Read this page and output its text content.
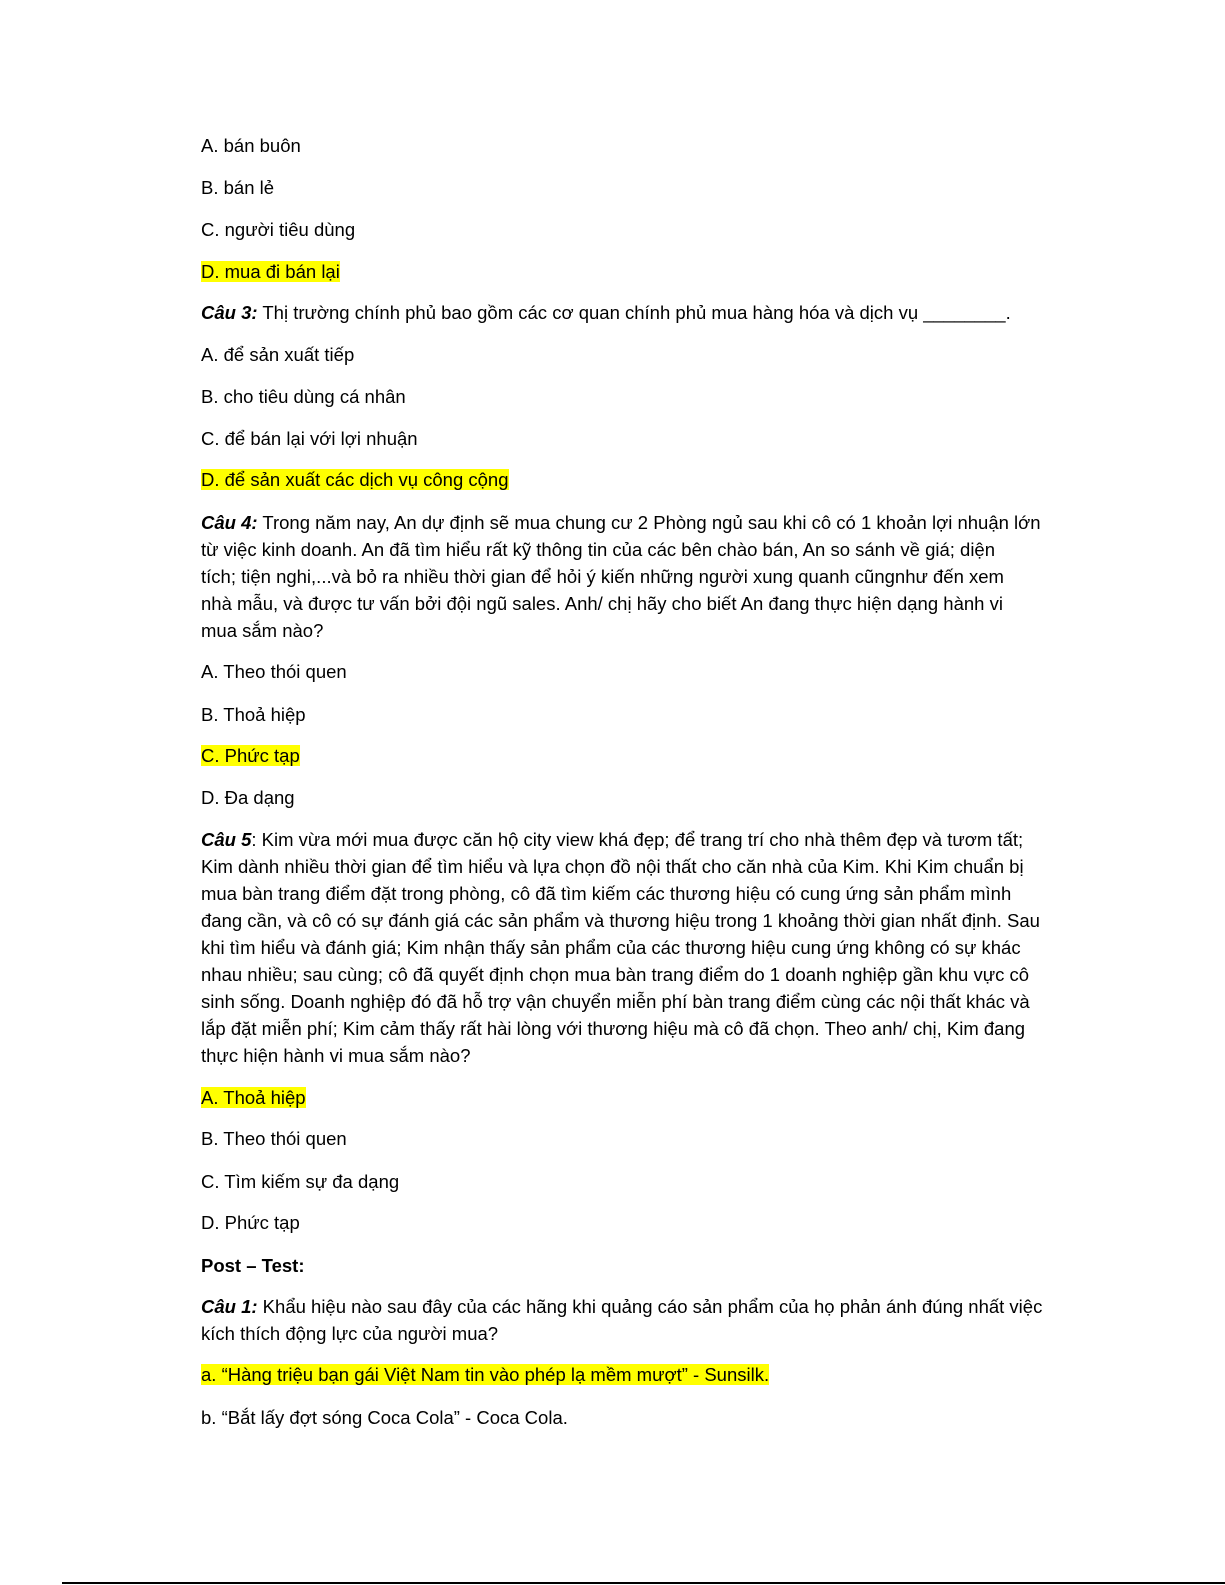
A. bán buôn
B. bán lẻ
C. người tiêu dùng
D. mua đi bán lại
Câu 3: Thị trường chính phủ bao gồm các cơ quan chính phủ mua hàng hóa và dịch vụ ________.
A. để sản xuất tiếp
B. cho tiêu dùng cá nhân
C. để bán lại với lợi nhuận
D. để sản xuất các dịch vụ công cộng
Câu 4: Trong năm nay, An dự định sẽ mua chung cư 2 Phòng ngủ sau khi cô có 1 khoản lợi nhuận lớn
từ việc kinh doanh. An đã tìm hiểu rất kỹ thông tin của các bên chào bán, An so sánh về giá; diện
tích; tiện nghi,...và bỏ ra nhiều thời gian để hỏi ý kiến những người xung quanh cũngnhư đến xem
nhà mẫu, và được tư vấn bởi đội ngũ sales. Anh/ chị hãy cho biết An đang thực hiện dạng hành vi
mua sắm nào?
A. Theo thói quen
B. Thoả hiệp
C. Phức tạp
D. Đa dạng
Câu 5: Kim vừa mới mua được căn hộ city view khá đẹp; để trang trí cho nhà thêm đẹp và tươm tất;
Kim dành nhiều thời gian để tìm hiểu và lựa chọn đồ nội thất cho căn nhà của Kim. Khi Kim chuẩn bị
mua bàn trang điểm đặt trong phòng, cô đã tìm kiếm các thương hiệu có cung ứng sản phẩm mình
đang cần, và cô có sự đánh giá các sản phẩm và thương hiệu trong 1 khoảng thời gian nhất định. Sau
khi tìm hiểu và đánh giá; Kim nhận thấy sản phẩm của các thương hiệu cung ứng không có sự khác
nhau nhiều; sau cùng; cô đã quyết định chọn mua bàn trang điểm do 1 doanh nghiệp gần khu vực cô
sinh sống. Doanh nghiệp đó đã hỗ trợ vận chuyển miễn phí bàn trang điểm cùng các nội thất khác và
lắp đặt miễn phí; Kim cảm thấy rất hài lòng với thương hiệu mà cô đã chọn. Theo anh/ chị, Kim đang
thực hiện hành vi mua sắm nào?
A. Thoả hiệp
B. Theo thói quen
C. Tìm kiếm sự đa dạng
D. Phức tạp
Post – Test:
Câu 1: Khẩu hiệu nào sau đây của các hãng khi quảng cáo sản phẩm của họ phản ánh đúng nhất việc
kích thích động lực của người mua?
a. “Hàng triệu bạn gái Việt Nam tin vào phép lạ mềm mượt” - Sunsilk.
b. “Bắt lấy đợt sóng Coca Cola” - Coca Cola.
